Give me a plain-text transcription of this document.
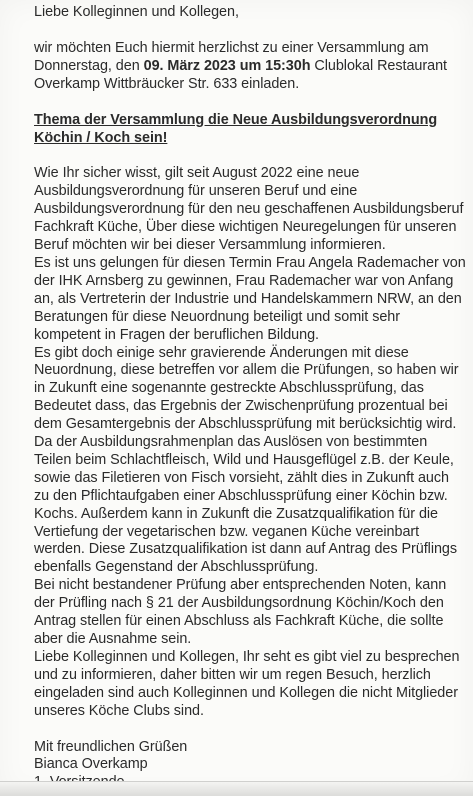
Liebe Kolleginnen und Kollegen,

wir möchten Euch hiermit herzlichst zu einer Versammlung am Donnerstag, den 09. März 2023 um 15:30h Clublokal Restaurant Overkamp Wittbräucker Str. 633 einladen.

Thema der Versammlung die Neue Ausbildungsverordnung Köchin / Koch sein!

Wie Ihr sicher wisst, gilt seit August 2022 eine neue Ausbildungsverordnung für unseren Beruf und eine Ausbildungsverordnung für den neu geschaffenen Ausbildungsberuf Fachkraft Küche, Über diese wichtigen Neuregelungen für unseren Beruf möchten wir bei dieser Versammlung informieren.

Es ist uns gelungen für diesen Termin Frau Angela Rademacher von der IHK Arnsberg zu gewinnen, Frau Rademacher war von Anfang an, als Vertreterin der Industrie und Handelskammern NRW, an den Beratungen für diese Neuordnung beteiligt und somit sehr kompetent in Fragen der beruflichen Bildung.

Es gibt doch einige sehr gravierende Änderungen mit diese Neuordnung, diese betreffen vor allem die Prüfungen, so haben wir in Zukunft eine sogenannte gestreckte Abschlussprüfung, das Bedeutet dass, das Ergebnis der Zwischenprüfung prozentual bei dem Gesamtergebnis der Abschlussprüfung mit berücksichtig wird. Da der Ausbildungsrahmenplan das Auslösen von bestimmten Teilen beim Schlachtfleisch, Wild und Hausgeflügel z.B. der Keule, sowie das Filetieren von Fisch vorsieht, zählt dies in Zukunft auch zu den Pflichtaufgaben einer Abschlussprüfung einer Köchin bzw. Kochs. Außerdem kann in Zukunft die Zusatzqualifikation für die Vertiefung der vegetarischen bzw. veganen Küche vereinbart werden. Diese Zusatzqualifikation ist dann auf Antrag des Prüflings ebenfalls Gegenstand der Abschlussprüfung.

Bei nicht bestandener Prüfung aber entsprechenden Noten, kann der Prüfling nach § 21 der Ausbildungsordnung Köchin/Koch den Antrag stellen für einen Abschluss als Fachkraft Küche, die sollte aber die Ausnahme sein.

Liebe Kolleginnen und Kollegen, Ihr seht es gibt viel zu besprechen und zu informieren, daher bitten wir um regen Besuch, herzlich eingeladen sind auch Kolleginnen und Kollegen die nicht Mitglieder unseres Köche Clubs sind.

Mit freundlichen Grüßen

Bianca Overkamp
